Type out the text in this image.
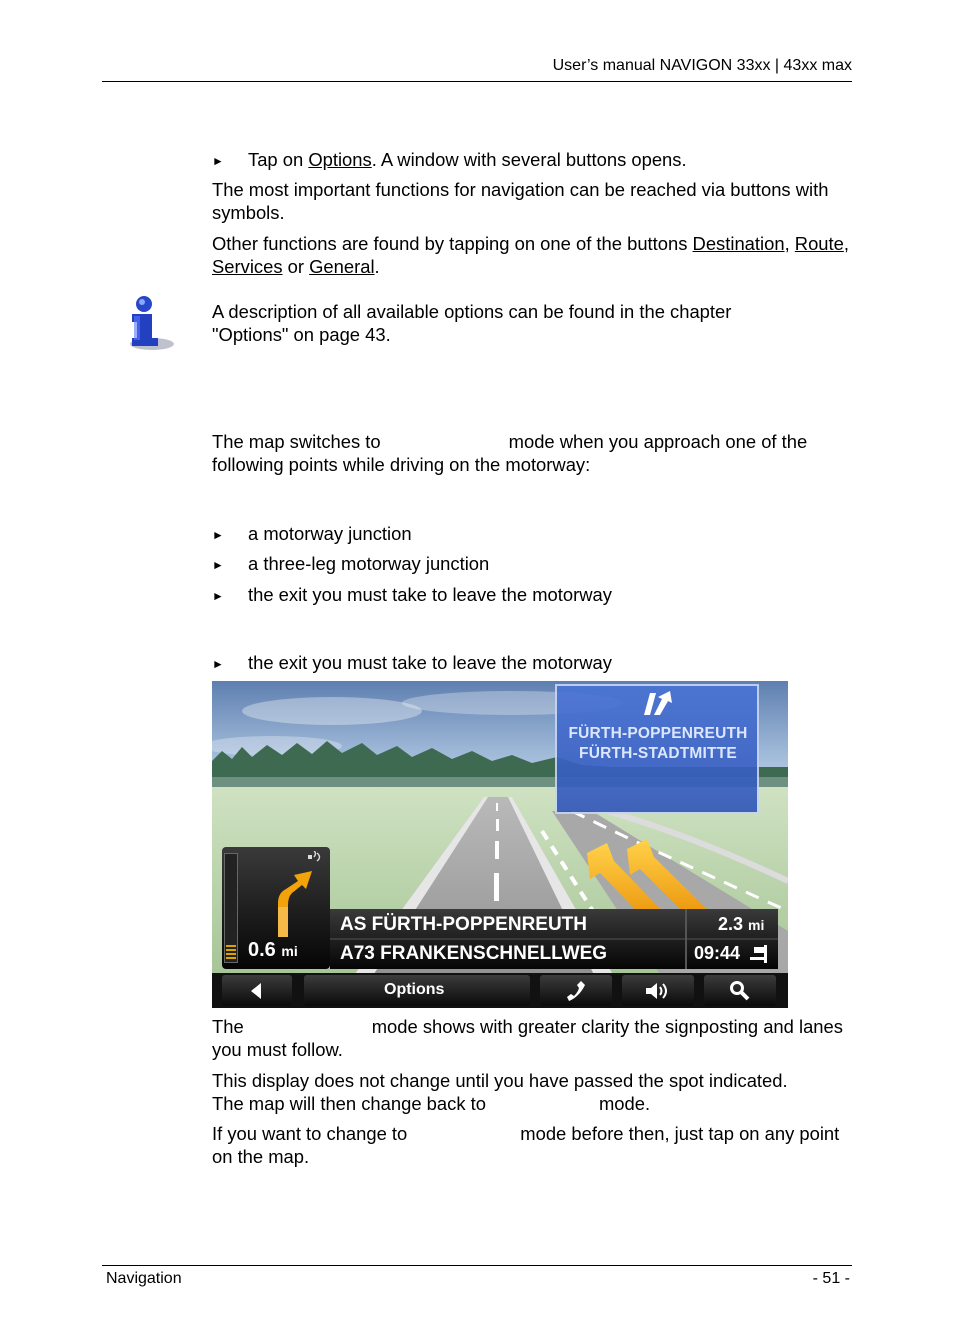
User’s manual NAVIGON 33xx | 43xx max
► Tap on Options. A window with several buttons opens.
The most important functions for navigation can be reached via buttons with symbols.
Other functions are found by tapping on one of the buttons Destination, Route, Services or General.
A description of all available options can be found in the chapter "Options" on page 43.
The map switches to	mode when you approach one of the following points while driving on the motorway:
► a motorway junction
► a three-leg motorway junction
► the exit you must take to leave the motorway
► the exit you must take to leave the motorway
FÜRTH-POPPENREUTH
FÜRTH-STADTMITTE
0.6 mi
AS FÜRTH-POPPENREUTH
A73 FRANKENSCHNELLWEG
2.3 mi
09:44
Options
The	mode shows with greater clarity the signposting and lanes you must follow.
This display does not change until you have passed the spot indicated.
The map will then change back to	mode.
If you want to change to	mode before then, just tap on any point on the map.
Navigation	- 51 -
